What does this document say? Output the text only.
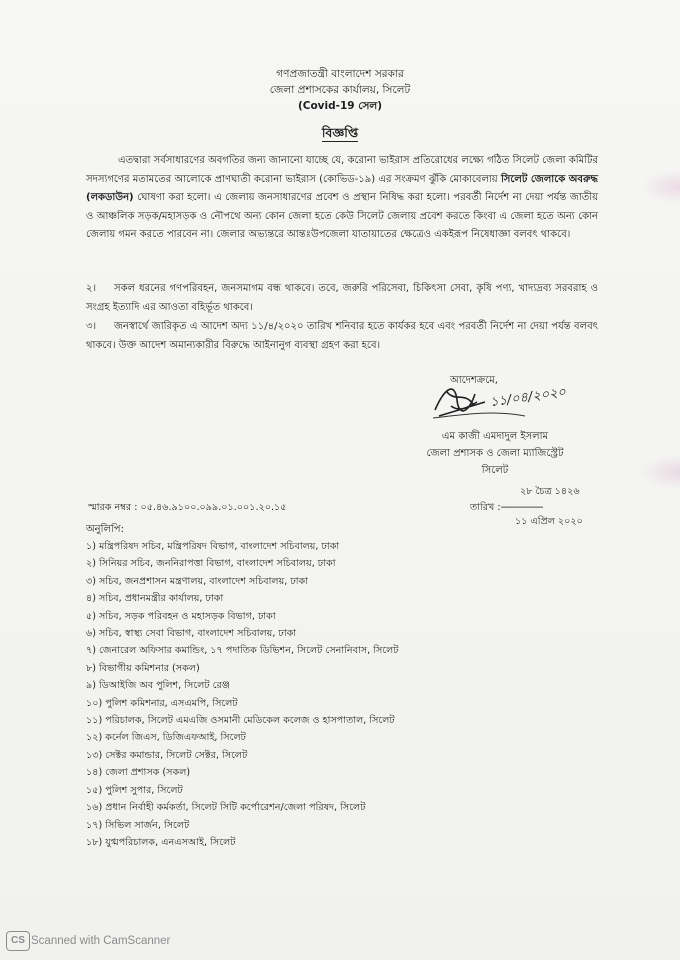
গণপ্রজাতন্ত্রী বাংলাদেশ সরকার
জেলা প্রশাসকের কার্যালয়, সিলেট
(Covid-19 সেল)
বিজ্ঞপ্তি
এতদ্বারা সর্বসাধারণের অবগতির জন্য জানানো যাচ্ছে যে, করোনা ভাইরাস প্রতিরোধের লক্ষ্যে গঠিত সিলেট জেলা কমিটির সদস্যগণের মতামতের আলোকে প্রাণঘাতী করোনা ভাইরাস (কোভিড-১৯) এর সংক্রমণ ঝুঁকি মোকাবেলায় সিলেট জেলাকে অবরুদ্ধ (লকডাউন) ঘোষণা করা হলো। এ জেলায় জনসাধারণের প্রবেশ ও প্রস্থান নিষিদ্ধ করা হলো। পরবর্তী নির্দেশ না দেয়া পর্যন্ত জাতীয় ও আঞ্চলিক সড়ক/মহাসড়ক ও নৌপথে অন্য কোন জেলা হতে কেউ সিলেট জেলায় প্রবেশ করতে কিংবা এ জেলা হতে অন্য কোন জেলায় গমন করতে পারবেন না। জেলার অভ্যন্তরে আন্তঃউপজেলা যাতায়াতের ক্ষেত্রেও একইরূপ নিষেধাজ্ঞা বলবৎ থাকবে।
২। সকল ধরনের গণপরিবহন, জনসমাগম বন্ধ থাকবে। তবে, জরুরি পরিসেবা, চিকিৎসা সেবা, কৃষি পণ্য, খাদ্যদ্রব্য সরবরাহ ও সংগ্রহ ইত্যাদি এর আওতা বহির্ভূত থাকবে।
৩। জনস্বার্থে জারিকৃত এ আদেশ অদ্য ১১/৪/২০২০ তারিখ শনিবার হতে কার্যকর হবে এবং পরবর্তী নির্দেশ না দেয়া পর্যন্ত বলবৎ থাকবে। উক্ত আদেশ অমান্যকারীর বিরুদ্ধে আইনানুগ ব্যবস্থা গ্রহণ করা হবে।
আদেশক্রমে,
১১/০৪/২০২০
এম কাজী এমদাদুল ইসলাম
জেলা প্রশাসক ও জেলা ম্যাজিস্ট্রেট
সিলেট
স্মারক নম্বর : ০৫.৪৬.৯১০০.০৯৯.০১.০০১.২০.১৫
২৮ চৈত্র ১৪২৬
তারিখ :-----------------
১১ এপ্রিল ২০২০
অনুলিপি:
১) মন্ত্রিপরিষদ সচিব, মন্ত্রিপরিষদ বিভাগ, বাংলাদেশ সচিবালয়, ঢাকা
২) সিনিয়র সচিব, জননিরাপত্তা বিভাগ, বাংলাদেশ সচিবালয়, ঢাকা
৩) সচিব, জনপ্রশাসন মন্ত্রণালয়, বাংলাদেশ সচিবালয়, ঢাকা
৪) সচিব, প্রধানমন্ত্রীর কার্যালয়, ঢাকা
৫) সচিব, সড়ক পরিবহন ও মহাসড়ক বিভাগ, ঢাকা
৬) সচিব, স্বাস্থ্য সেবা বিভাগ, বাংলাদেশ সচিবালয়, ঢাকা
৭) জেনারেল অফিসার কমান্ডিং, ১৭ পদাতিক ডিভিশন, সিলেট সেনানিবাস, সিলেট
৮) বিভাগীয় কমিশনার (সকল)
৯) ডিআইজি অব পুলিশ, সিলেট রেঞ্জ
১০) পুলিশ কমিশনার, এসএমপি, সিলেট
১১) পরিচালক, সিলেট এমএজি ওসমানী মেডিকেল কলেজ ও হাসপাতাল, সিলেট
১২) কর্নেল জিএস, ডিজিএফআই, সিলেট
১৩) সেক্টর কমান্ডার, সিলেট সেক্টর, সিলেট
১৪) জেলা প্রশাসক (সকল)
১৫) পুলিশ সুপার, সিলেট
১৬) প্রধান নির্বাহী কর্মকর্তা, সিলেট সিটি কর্পোরেশন/জেলা পরিষদ, সিলেট
১৭) সিভিল সার্জন, সিলেট
১৮) যুগ্মপরিচালক, এনএসআই, সিলেট
CS Scanned with CamScanner
